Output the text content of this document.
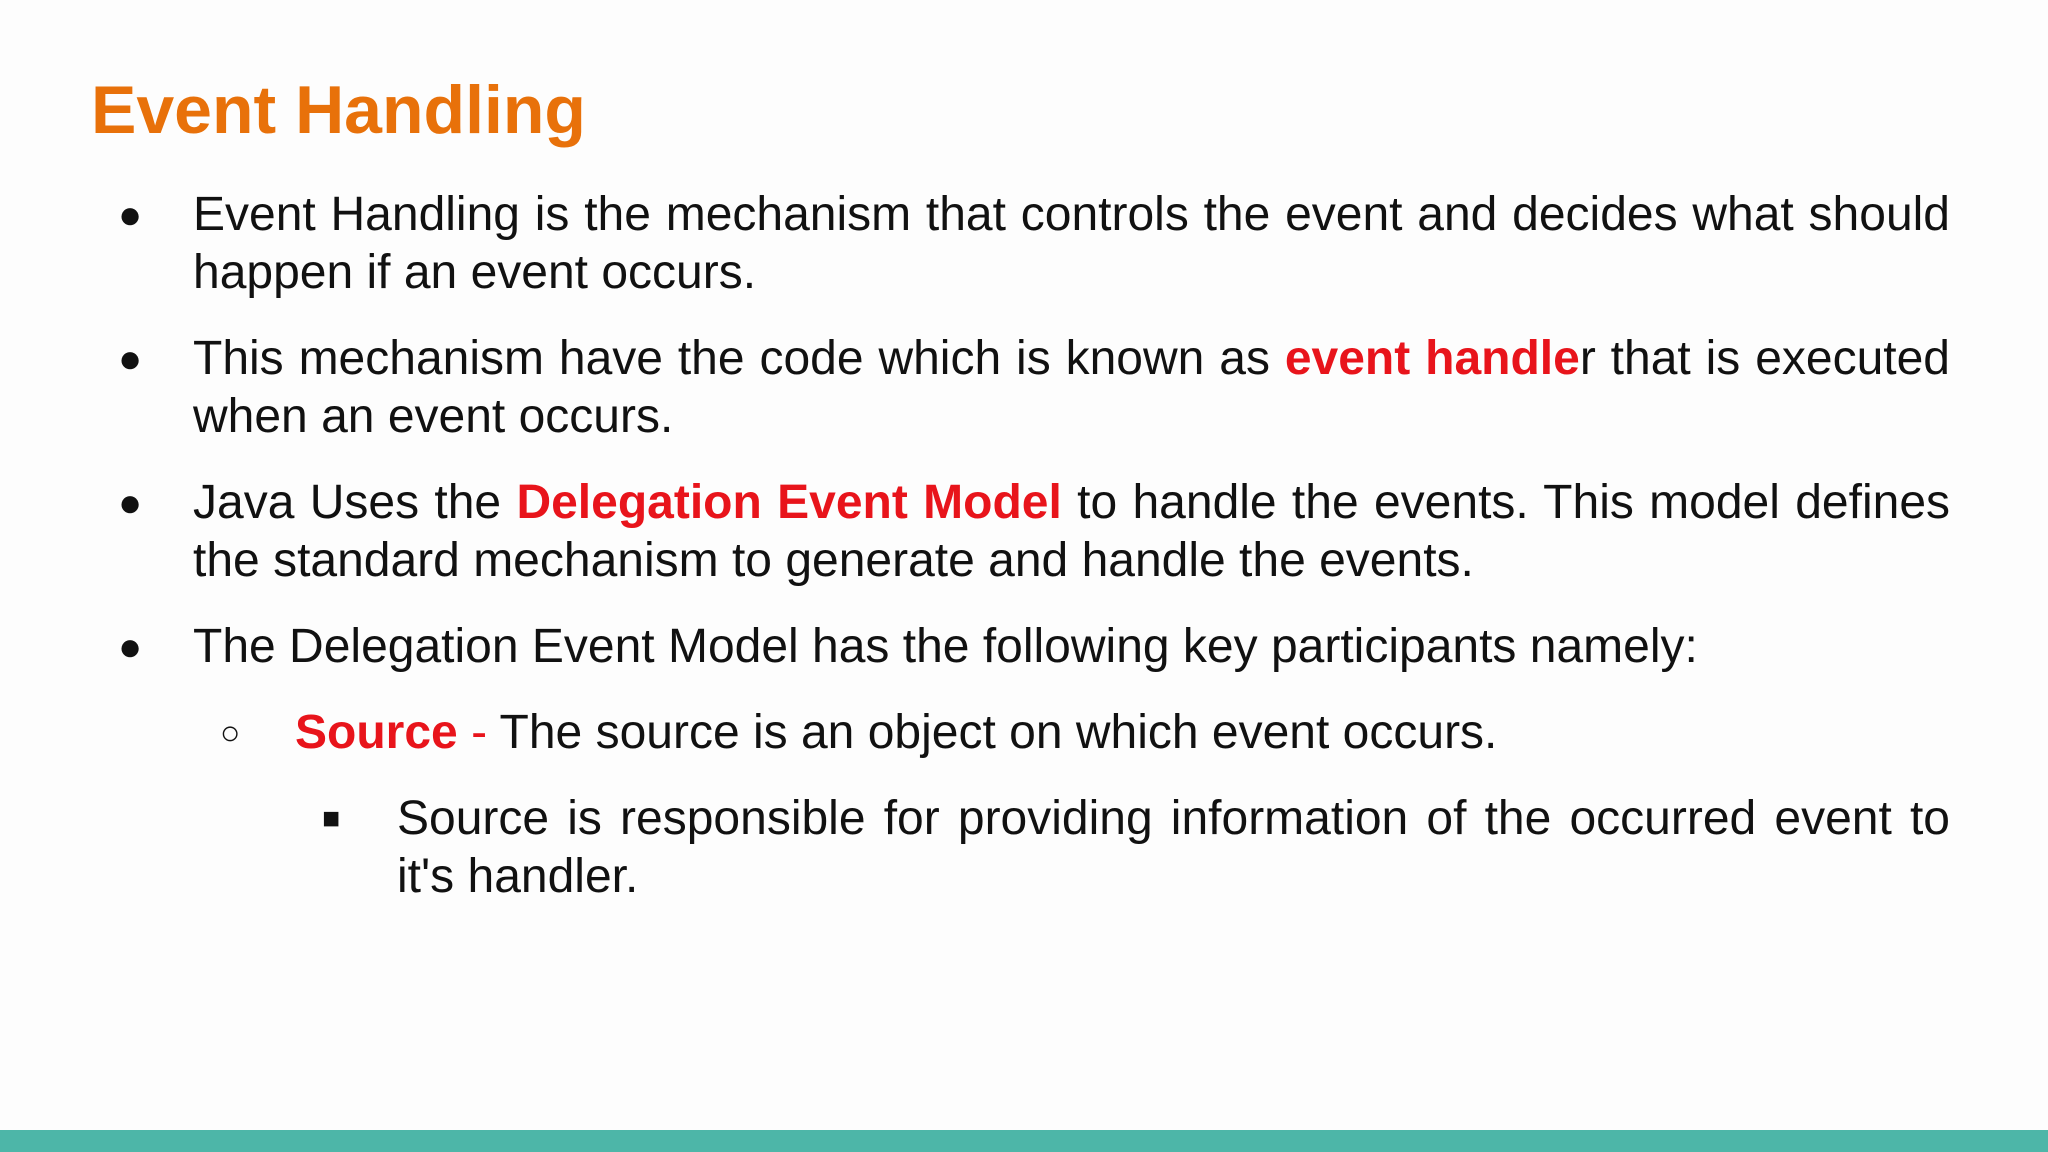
Event Handling
● Event Handling is the mechanism that controls the event and decides what should happen if an event occurs.
● This mechanism have the code which is known as event handler that is executed when an event occurs.
● Java Uses the Delegation Event Model to handle the events. This model defines the standard mechanism to generate and handle the events.
● The Delegation Event Model has the following key participants namely:
○ Source - The source is an object on which event occurs.
■ Source is responsible for providing information of the occurred event to it's handler.
